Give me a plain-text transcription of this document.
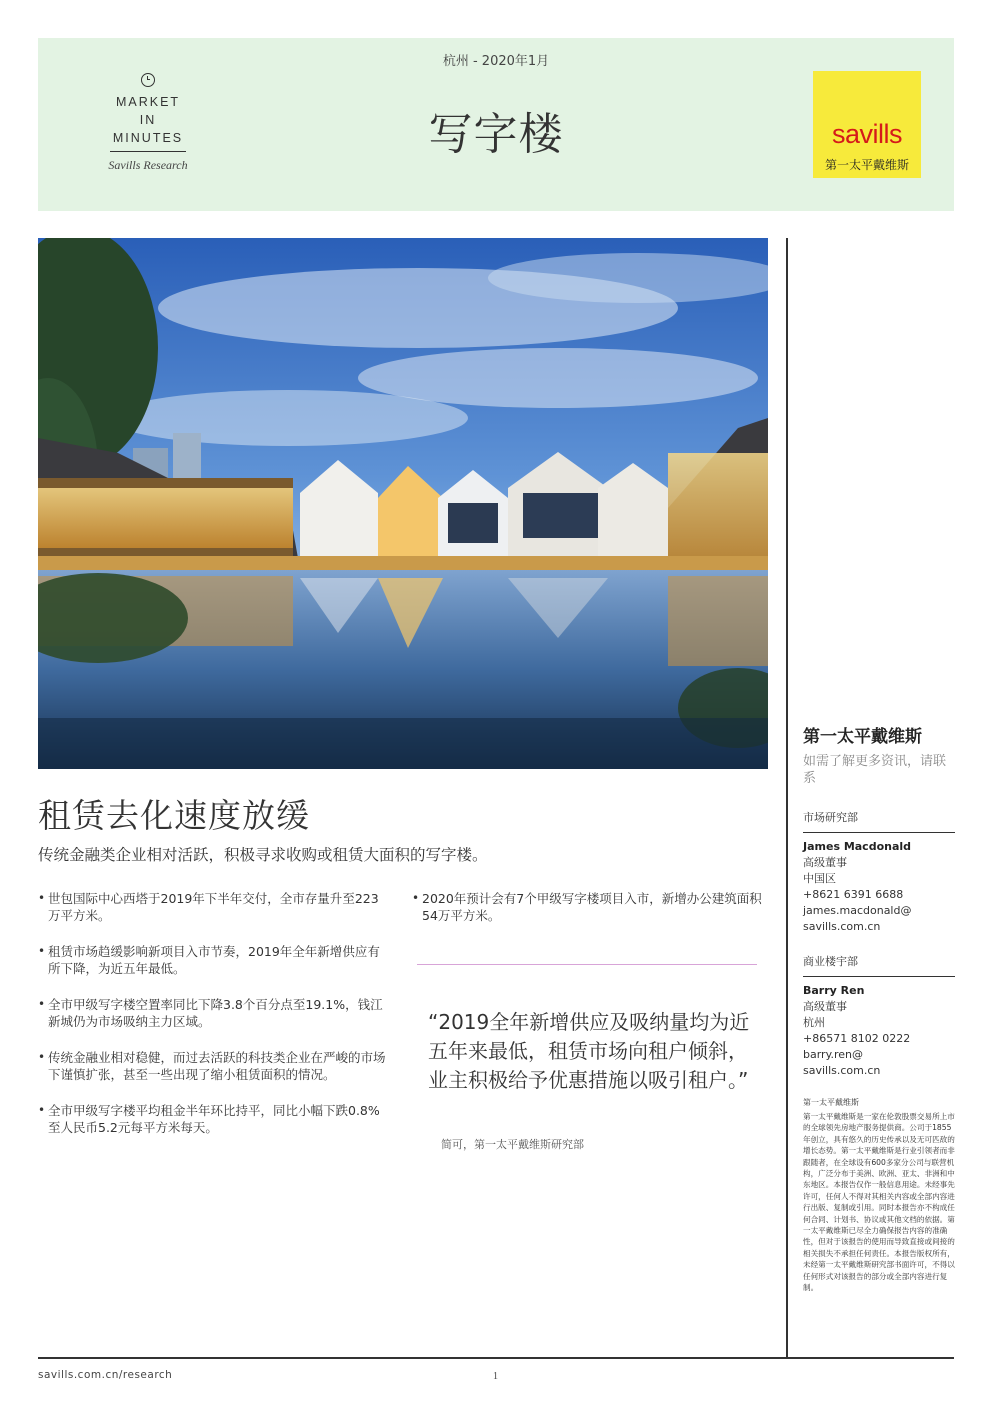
MARKET
IN
MINUTES
Savills Research
杭州 - 2020年1月
写字楼	savills
第一太平戴维斯
第一太平戴维斯
如需了解更多资讯，请联系
市场研究部
James Macdonald
高级董事
中国区
+8621 6391 6688
james.macdonald@
savills.com.cn
商业楼宇部
Barry Ren
高级董事
杭州
+86571 8102 0222
barry.ren@
savills.com.cn
第一太平戴维斯
第一太平戴维斯是一家在伦敦股票交易所上市的全球领先房地产服务提供商。公司于1855年创立，具有悠久的历史传承以及无可匹敌的增长态势。第一太平戴维斯是行业引领者而非跟随者，在全球设有600多家分公司与联营机构，广泛分布于美洲、欧洲、亚太、非洲和中东地区。本报告仅作一般信息用途。未经事先许可，任何人不得对其相关内容或全部内容进行出版、复制或引用。同时本报告亦不构成任何合同、计划书、协议或其他文档的依据。第一太平戴维斯已尽全力确保报告内容的准确性，但对于该报告的使用而导致直接或间接的相关损失不承担任何责任。本报告版权所有，未经第一太平戴维斯研究部书面许可，不得以任何形式对该报告的部分或全部内容进行复制。
租赁去化速度放缓
传统金融类企业相对活跃，积极寻求收购或租赁大面积的写字楼。
• 世包国际中心西塔于2019年下半年交付，全市存量升至223万平方米。
• 租赁市场趋缓影响新项目入市节奏，2019年全年新增供应有所下降，为近五年最低。
• 全市甲级写字楼空置率同比下降3.8个百分点至19.1%，钱江新城仍为市场吸纳主力区域。
• 传统金融业相对稳健，而过去活跃的科技类企业在严峻的市场下谨慎扩张，甚至一些出现了缩小租赁面积的情况。
• 全市甲级写字楼平均租金半年环比持平，同比小幅下跌0.8%至人民币5.2元每平方米每天。
• 2020年预计会有7个甲级写字楼项目入市，新增办公建筑面积54万平方米。
“2019全年新增供应及吸纳量均为近五年来最低，租赁市场向租户倾斜，业主积极给予优惠措施以吸引租户。”
简可，第一太平戴维斯研究部
savills.com.cn/research	1
